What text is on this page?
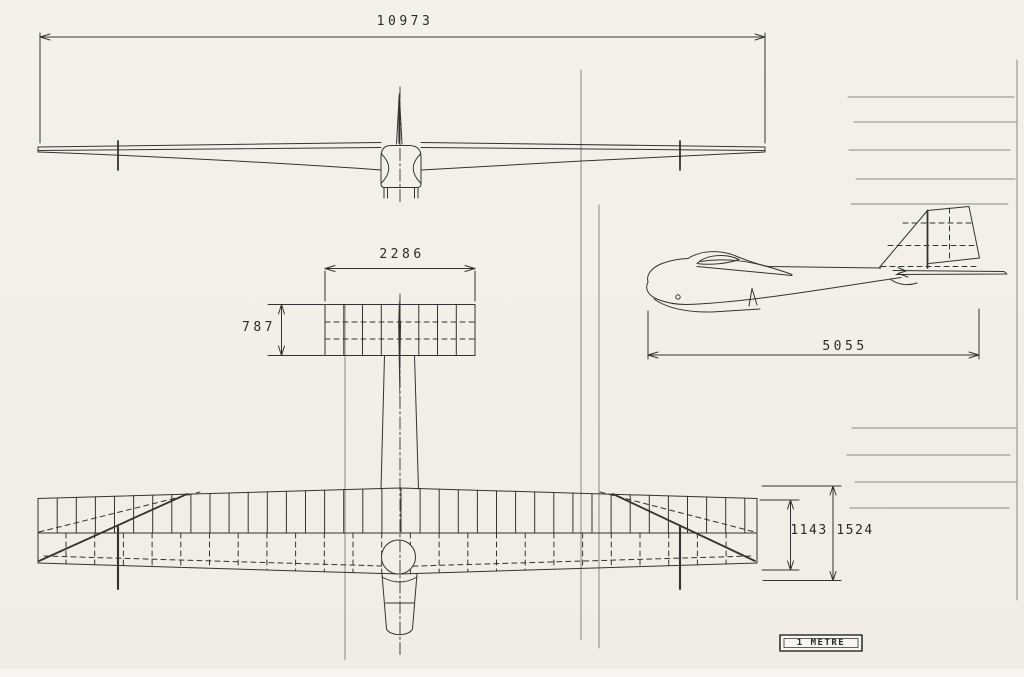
10973
2286
787
5055
1143 1524
1 METRE
